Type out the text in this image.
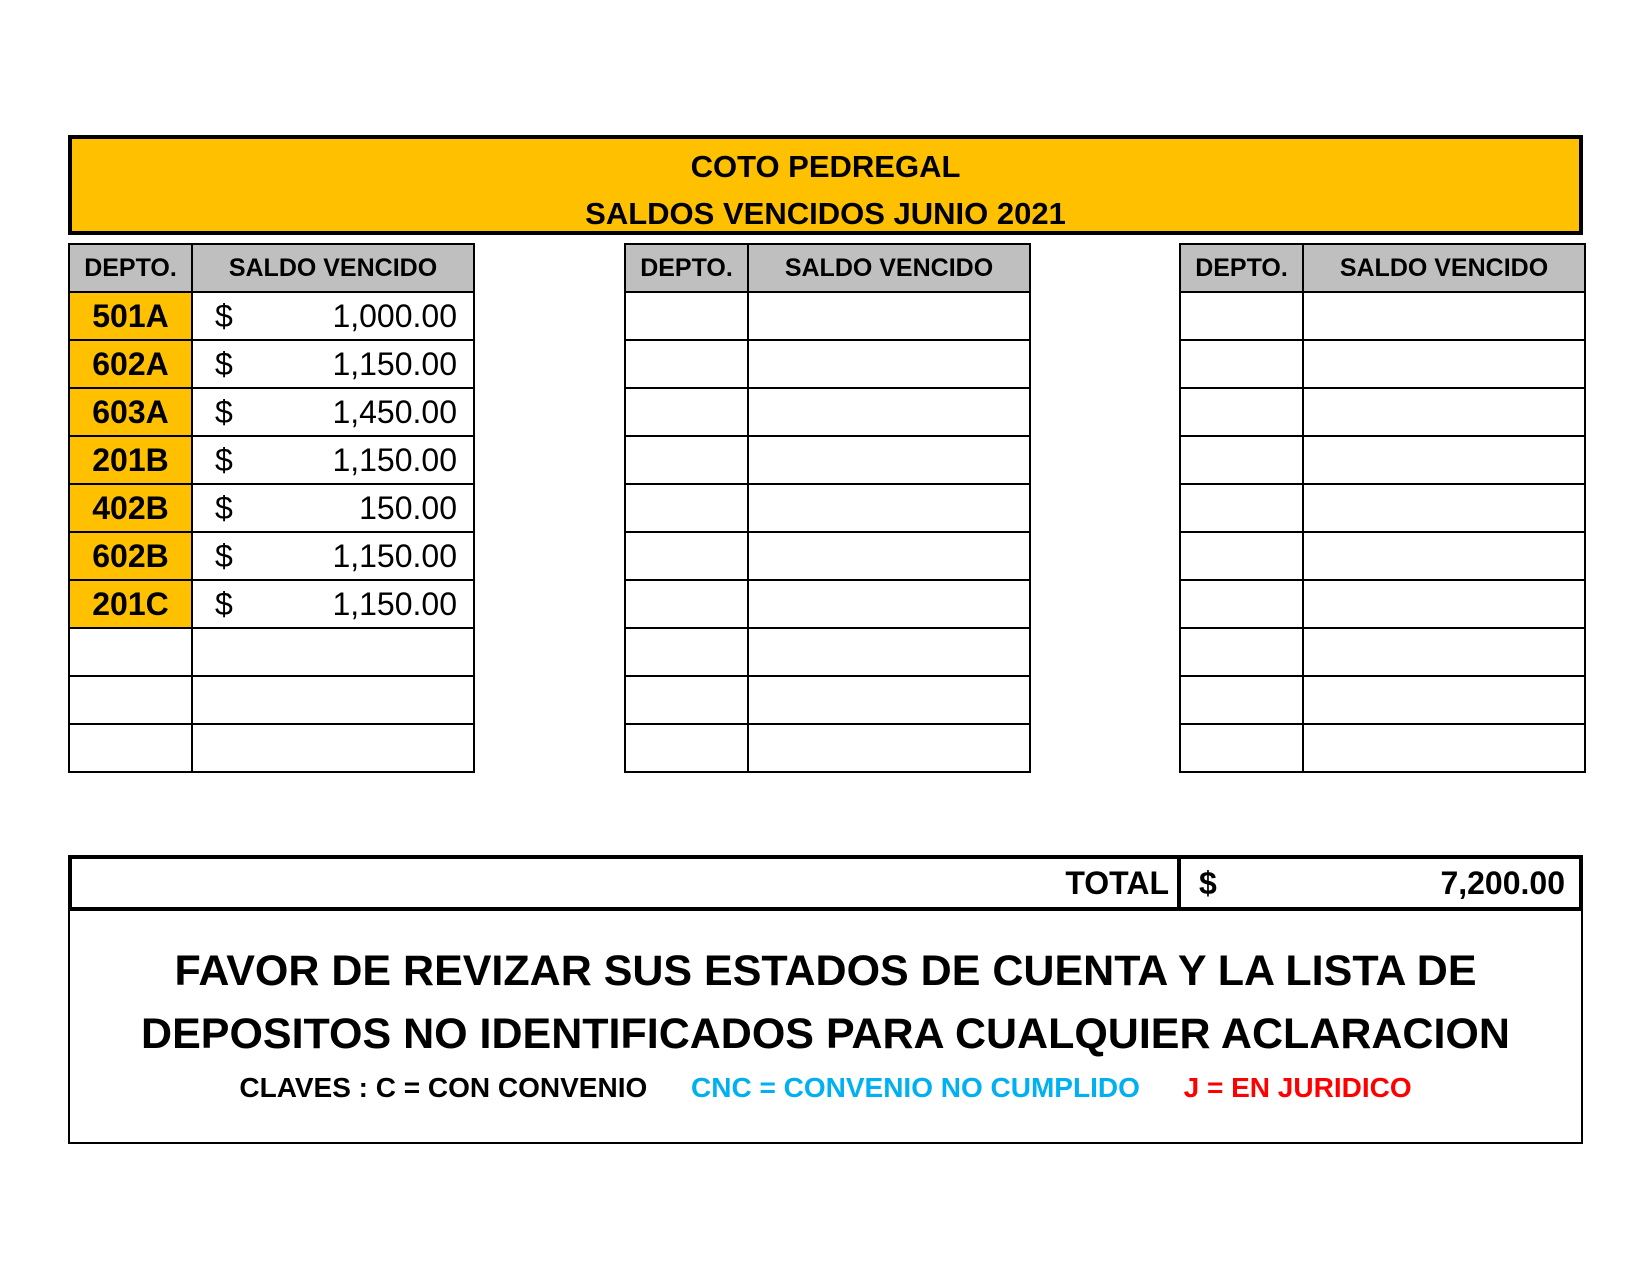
COTO PEDREGAL
SALDOS VENCIDOS JUNIO 2021
DEPTO.	SALDO VENCIDO
501A	$ 1,000.00

602A	$ 1,150.00

603A	$ 1,450.00

201B	$ 1,150.00

402B	$ 150.00

602B	$ 1,150.00

201C	$ 1,150.00

DEPTO.	SALDO VENCIDO

		DEPTO.	SALDO VENCIDO

TOTAL $	7,200.00
FAVOR DE REVIZAR SUS ESTADOS DE CUENTA Y LA LISTA DE
DEPOSITOS NO IDENTIFICADOS PARA CUALQUIER ACLARACION
CLAVES : C = CON CONVENIO CNC = CONVENIO NO CUMPLIDO J = EN JURIDICO
